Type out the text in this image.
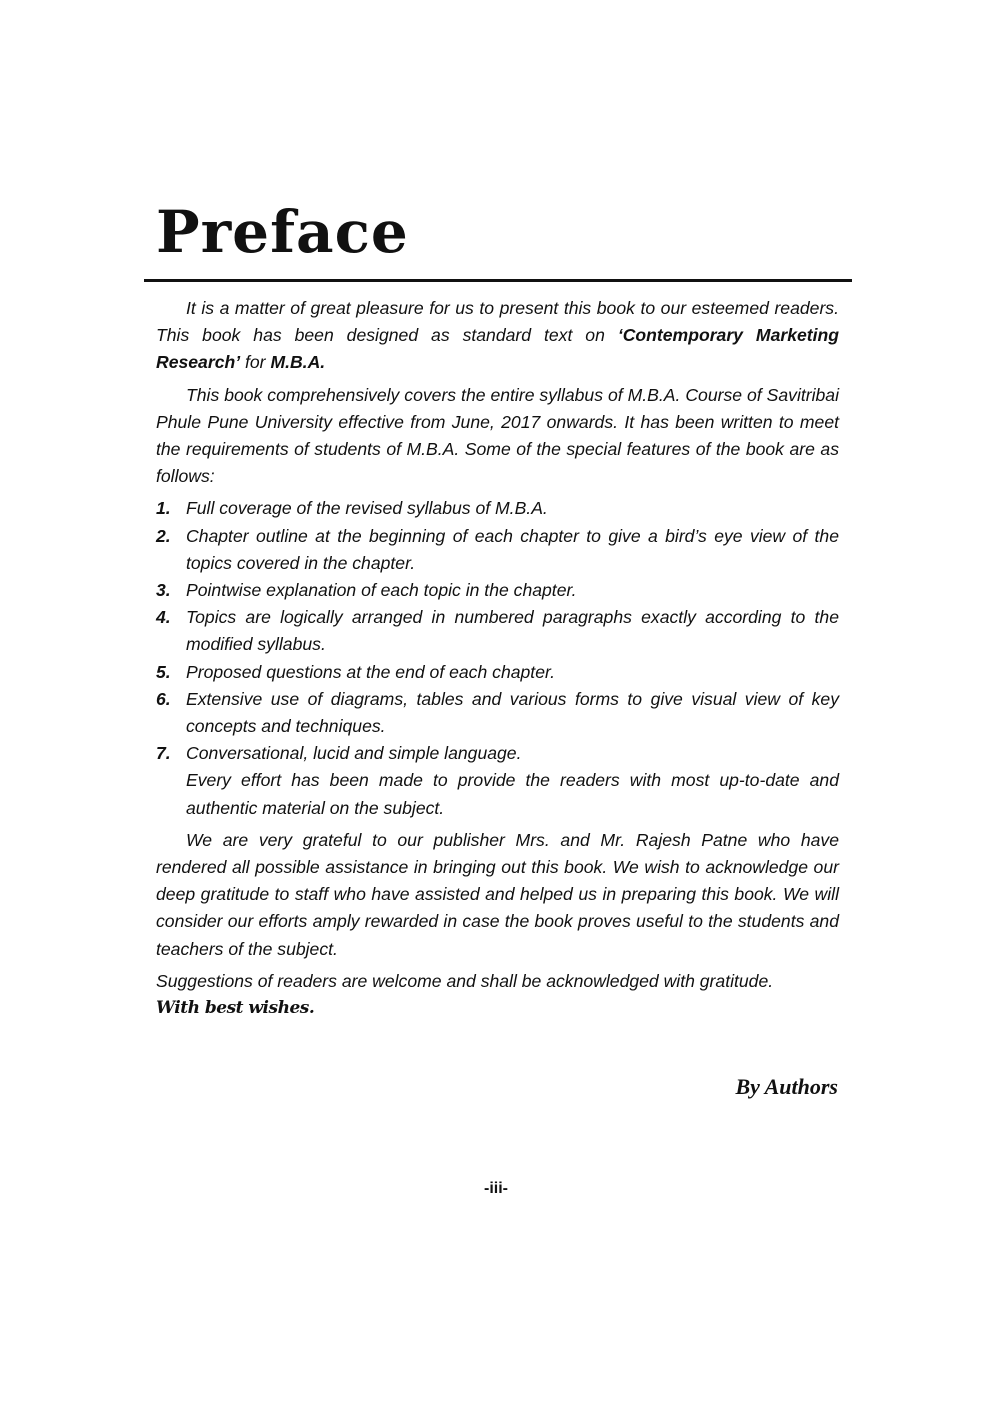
Preface

It is a matter of great pleasure for us to present this book to our esteemed readers. This book has been designed as standard text on ‘Contemporary Marketing Research’ for M.B.A.

This book comprehensively covers the entire syllabus of M.B.A. Course of Savitribai Phule Pune University effective from June, 2017 onwards. It has been written to meet the requirements of students of M.B.A. Some of the special features of the book are as follows:

1. Full coverage of the revised syllabus of M.B.A.
2. Chapter outline at the beginning of each chapter to give a bird’s eye view of the topics covered in the chapter.
3. Pointwise explanation of each topic in the chapter.
4. Topics are logically arranged in numbered paragraphs exactly according to the modified syllabus.
5. Proposed questions at the end of each chapter.
6. Extensive use of diagrams, tables and various forms to give visual view of key concepts and techniques.
7. Conversational, lucid and simple language.

Every effort has been made to provide the readers with most up-to-date and authentic material on the subject.

We are very grateful to our publisher Mrs. and Mr. Rajesh Patne who have rendered all possible assistance in bringing out this book. We wish to acknowledge our deep gratitude to staff who have assisted and helped us in preparing this book. We will consider our efforts amply rewarded in case the book proves useful to the students and teachers of the subject.

Suggestions of readers are welcome and shall be acknowledged with gratitude.

With best wishes.

By Authors
-iii-
